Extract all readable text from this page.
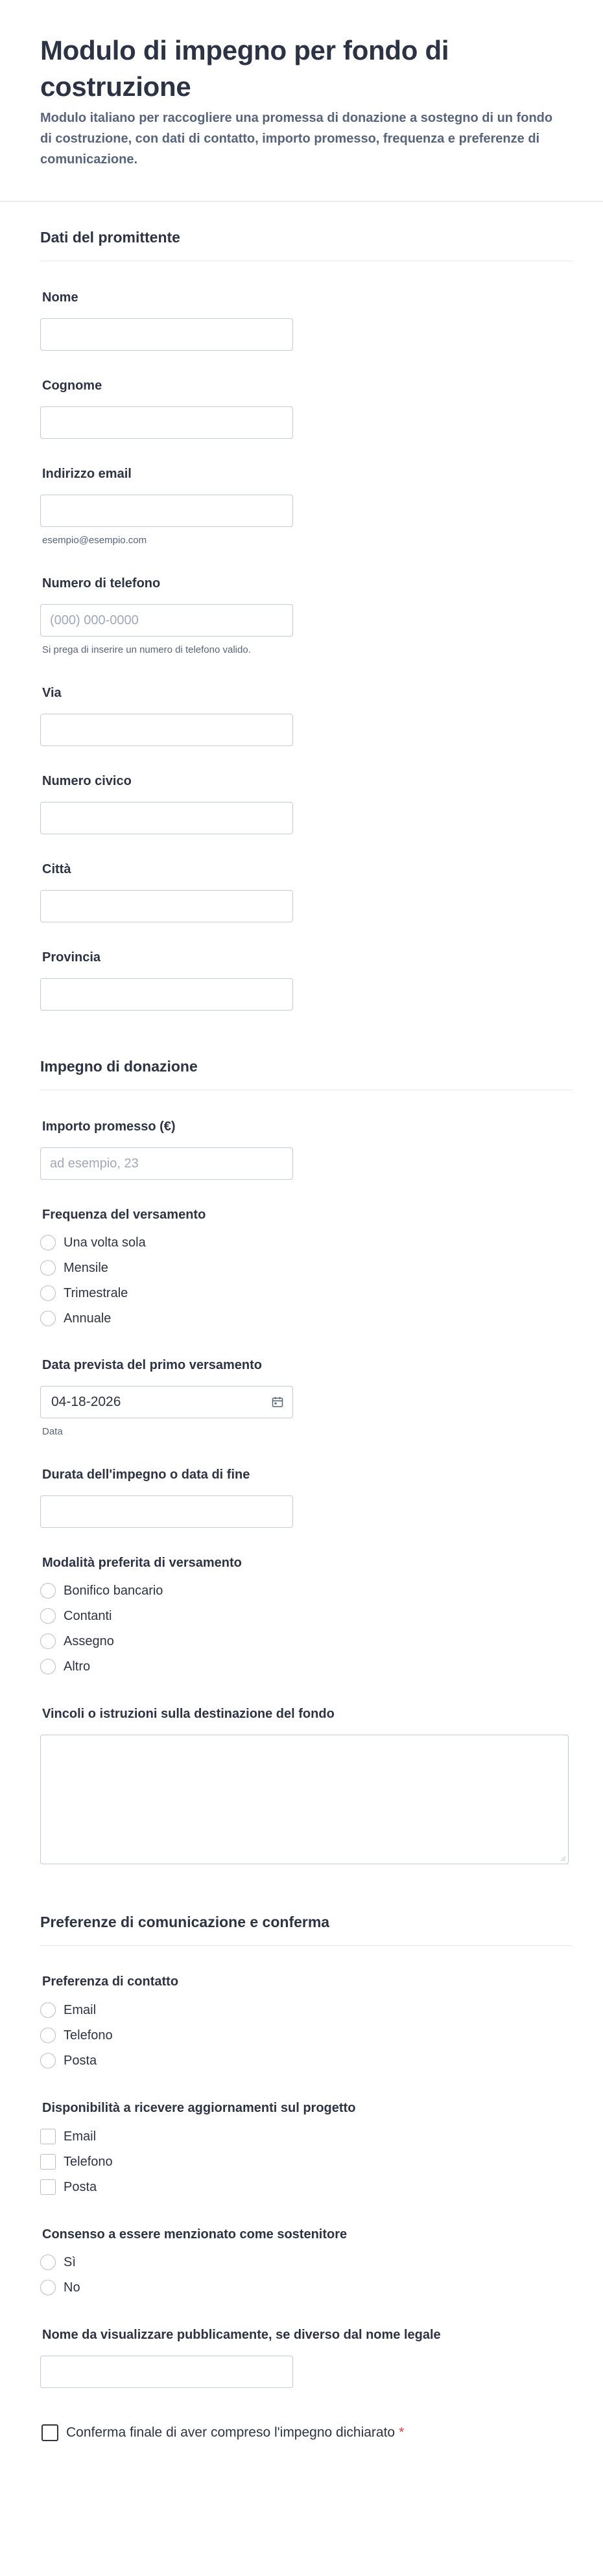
Modulo di impegno per fondo di costruzione

Modulo italiano per raccogliere una promessa di donazione a sostegno di un fondo di costruzione, con dati di contatto, importo promesso, frequenza e preferenze di comunicazione.

Dati del promittente
Nome
Cognome
Indirizzo email
esempio@esempio.com
Numero di telefono
(000) 000-0000
Si prega di inserire un numero di telefono valido.
Via
Numero civico
Città
Provincia
Impegno di donazione
Importo promesso (€)
ad esempio, 23
Frequenza del versamento
Una volta sola
Mensile
Trimestrale
Annuale
Data prevista del primo versamento
04-18-2026
Data
Durata dell'impegno o data di fine
Modalità preferita di versamento
Bonifico bancario
Contanti
Assegno
Altro
Vincoli o istruzioni sulla destinazione del fondo
Preferenze di comunicazione e conferma
Preferenza di contatto
Email
Telefono
Posta
Disponibilità a ricevere aggiornamenti sul progetto
Email
Telefono
Posta
Consenso a essere menzionato come sostenitore
Sì
No
Nome da visualizzare pubblicamente, se diverso dal nome legale
Conferma finale di aver compreso l'impegno dichiarato *
